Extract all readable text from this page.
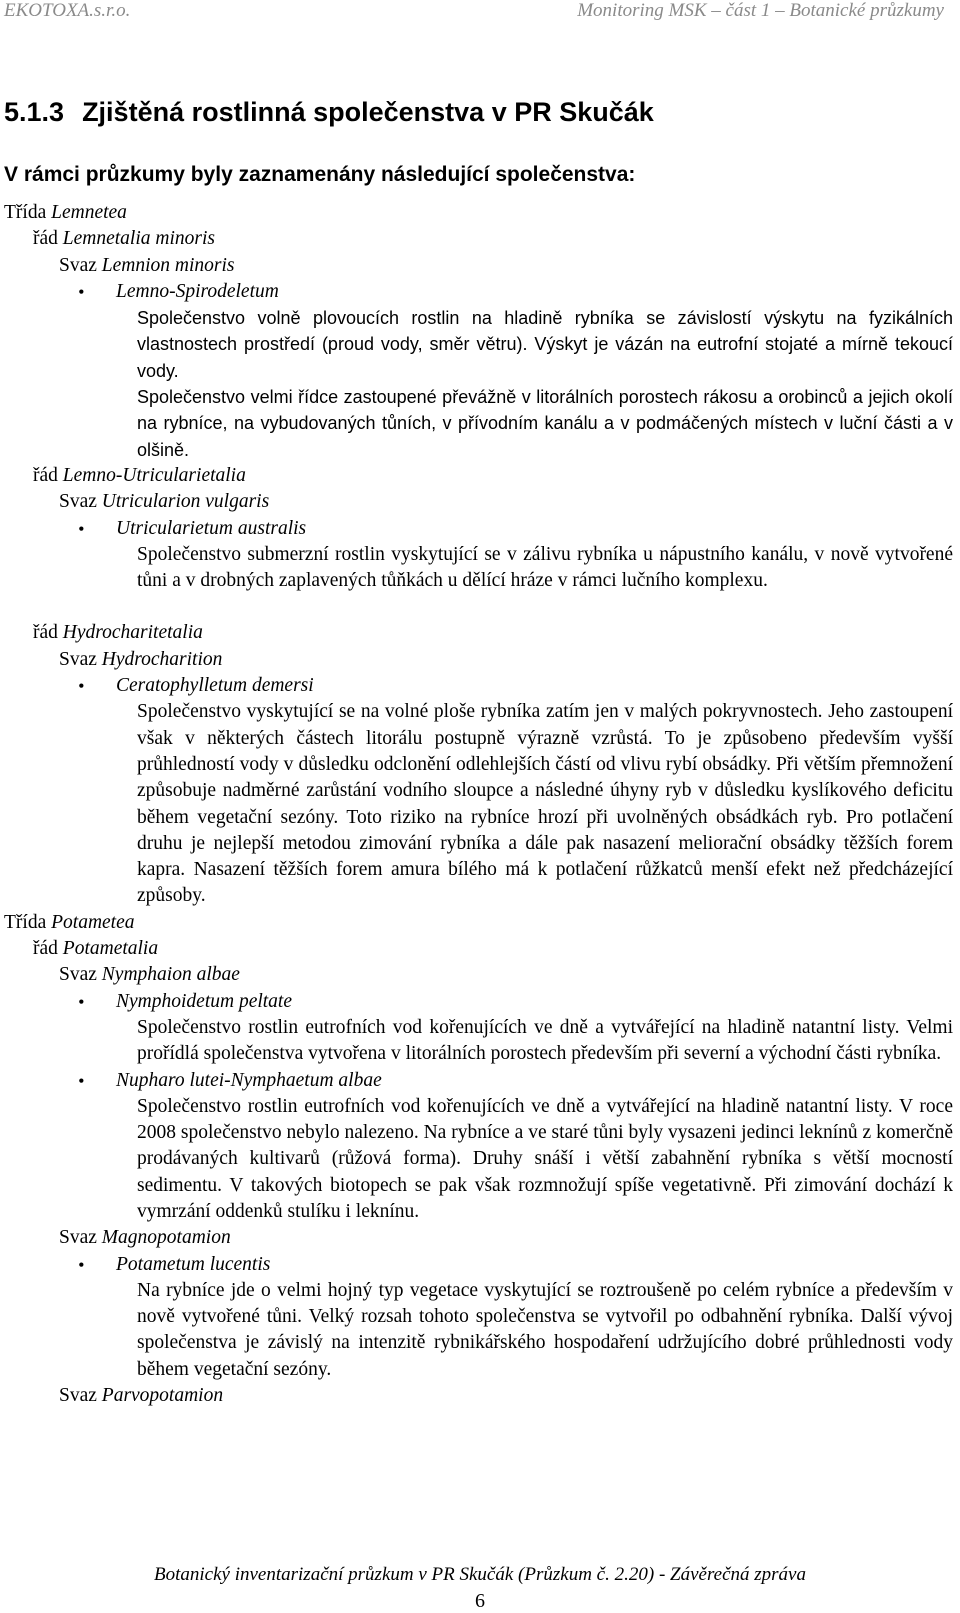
EKOTOXA.s.r.o.	Monitoring MSK – část 1 – Botanické průzkumy
5.1.3 Zjištěná rostlinná společenstva v PR Skučák
V rámci průzkumy byly zaznamenány následující společenstva:
Třída Lemnetea
řád Lemnetalia minoris
Svaz Lemnion minoris
• Lemno-Spirodeletum
Společenstvo volně plovoucích rostlin na hladině rybníka se závislostí výskytu na fyzikálních vlastnostech prostředí (proud vody, směr větru). Výskyt je vázán na eutrofní stojaté a mírně tekoucí vody.
Společenstvo velmi řídce zastoupené převážně v litorálních porostech rákosu a orobinců a jejich okolí na rybníce, na vybudovaných tůních, v přívodním kanálu a v podmáčených místech v luční části a v olšině.
řád Lemno-Utricularietalia
Svaz Utricularion vulgaris
• Utricularietum australis
Společenstvo submerzní rostlin vyskytující se v zálivu rybníka u nápustního kanálu, v nově vytvořené tůni a v drobných zaplavených tůňkách u dělící hráze v rámci lučního komplexu.
řád Hydrocharitetalia
Svaz Hydrocharition
• Ceratophylletum demersi
Společenstvo vyskytující se na volné ploše rybníka zatím jen v malých pokryvnostech. Jeho zastoupení však v některých částech litorálu postupně výrazně vzrůstá. To je způsobeno především vyšší průhledností vody v důsledku odclonění odlehlejších částí od vlivu rybí obsádky. Při větším přemnožení způsobuje nadměrné zarůstání vodního sloupce a následné úhyny ryb v důsledku kyslíkového deficitu během vegetační sezóny. Toto riziko na rybníce hrozí při uvolněných obsádkách ryb. Pro potlačení druhu je nejlepší metodou zimování rybníka a dále pak nasazení meliorační obsádky těžších forem kapra. Nasazení těžších forem amura bílého má k potlačení růžkatců menší efekt než předcházející způsoby.
Třída Potametea
řád Potametalia
Svaz Nymphaion albae
• Nymphoidetum peltate
Společenstvo rostlin eutrofních vod kořenujících ve dně a vytvářející na hladině natantní listy. Velmi prořídlá společenstva vytvořena v litorálních porostech především při severní a východní části rybníka.
• Nupharo lutei-Nymphaetum albae
Společenstvo rostlin eutrofních vod kořenujících ve dně a vytvářející na hladině natantní listy. V roce 2008 společenstvo nebylo nalezeno. Na rybníce a ve staré tůni byly vysazeni jedinci leknínů z komerčně prodávaných kultivarů (růžová forma). Druhy snáší i větší zabahnění rybníka s větší mocností sedimentu. V takových biotopech se pak však rozmnožují spíše vegetativně. Při zimování dochází k vymrzání oddenků stulíku i leknínu.
Svaz Magnopotamion
• Potametum lucentis
Na rybníce jde o velmi hojný typ vegetace vyskytující se roztroušeně po celém rybníce a především v nově vytvořené tůni. Velký rozsah tohoto společenstva se vytvořil po odbahnění rybníka. Další vývoj společenstva je závislý na intenzitě rybnikářského hospodaření udržujícího dobré průhlednosti vody během vegetační sezóny.
Svaz Parvopotamion
Botanický inventarizační průzkum v PR Skučák (Průzkum č. 2.20) - Závěrečná zpráva
6
